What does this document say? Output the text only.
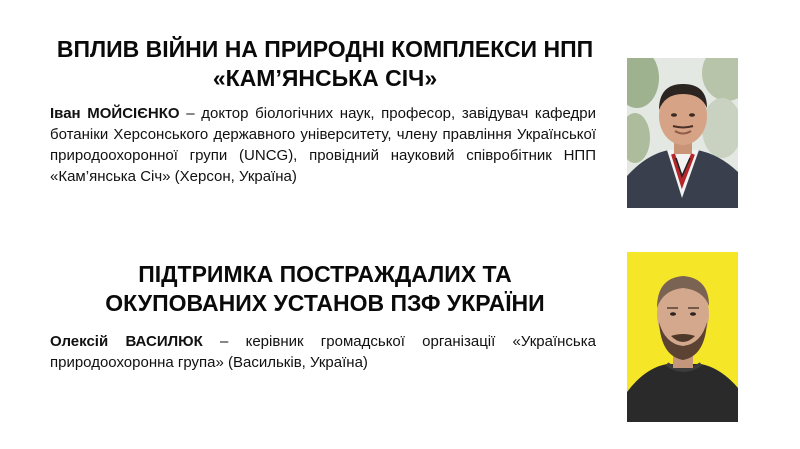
ВПЛИВ ВІЙНИ НА ПРИРОДНІ КОМПЛЕКСИ НПП
«КАМ’ЯНСЬКА СІЧ»
Іван МОЙСІЄНКО – доктор біологічних наук, професор, завідувач кафедри ботаніки Херсонського державного університету, члену правління Української природоохоронної групи (UNCG), провідний науковий співробітник НПП «Кам’янська Січ» (Херсон, Україна)
ПІДТРИМКА ПОСТРАЖДАЛИХ ТА
ОКУПОВАНИХ УСТАНОВ ПЗФ УКРАЇНИ
Олексій ВАСИЛЮК – керівник громадської організації «Українська природоохоронна група» (Васильків, Україна)
